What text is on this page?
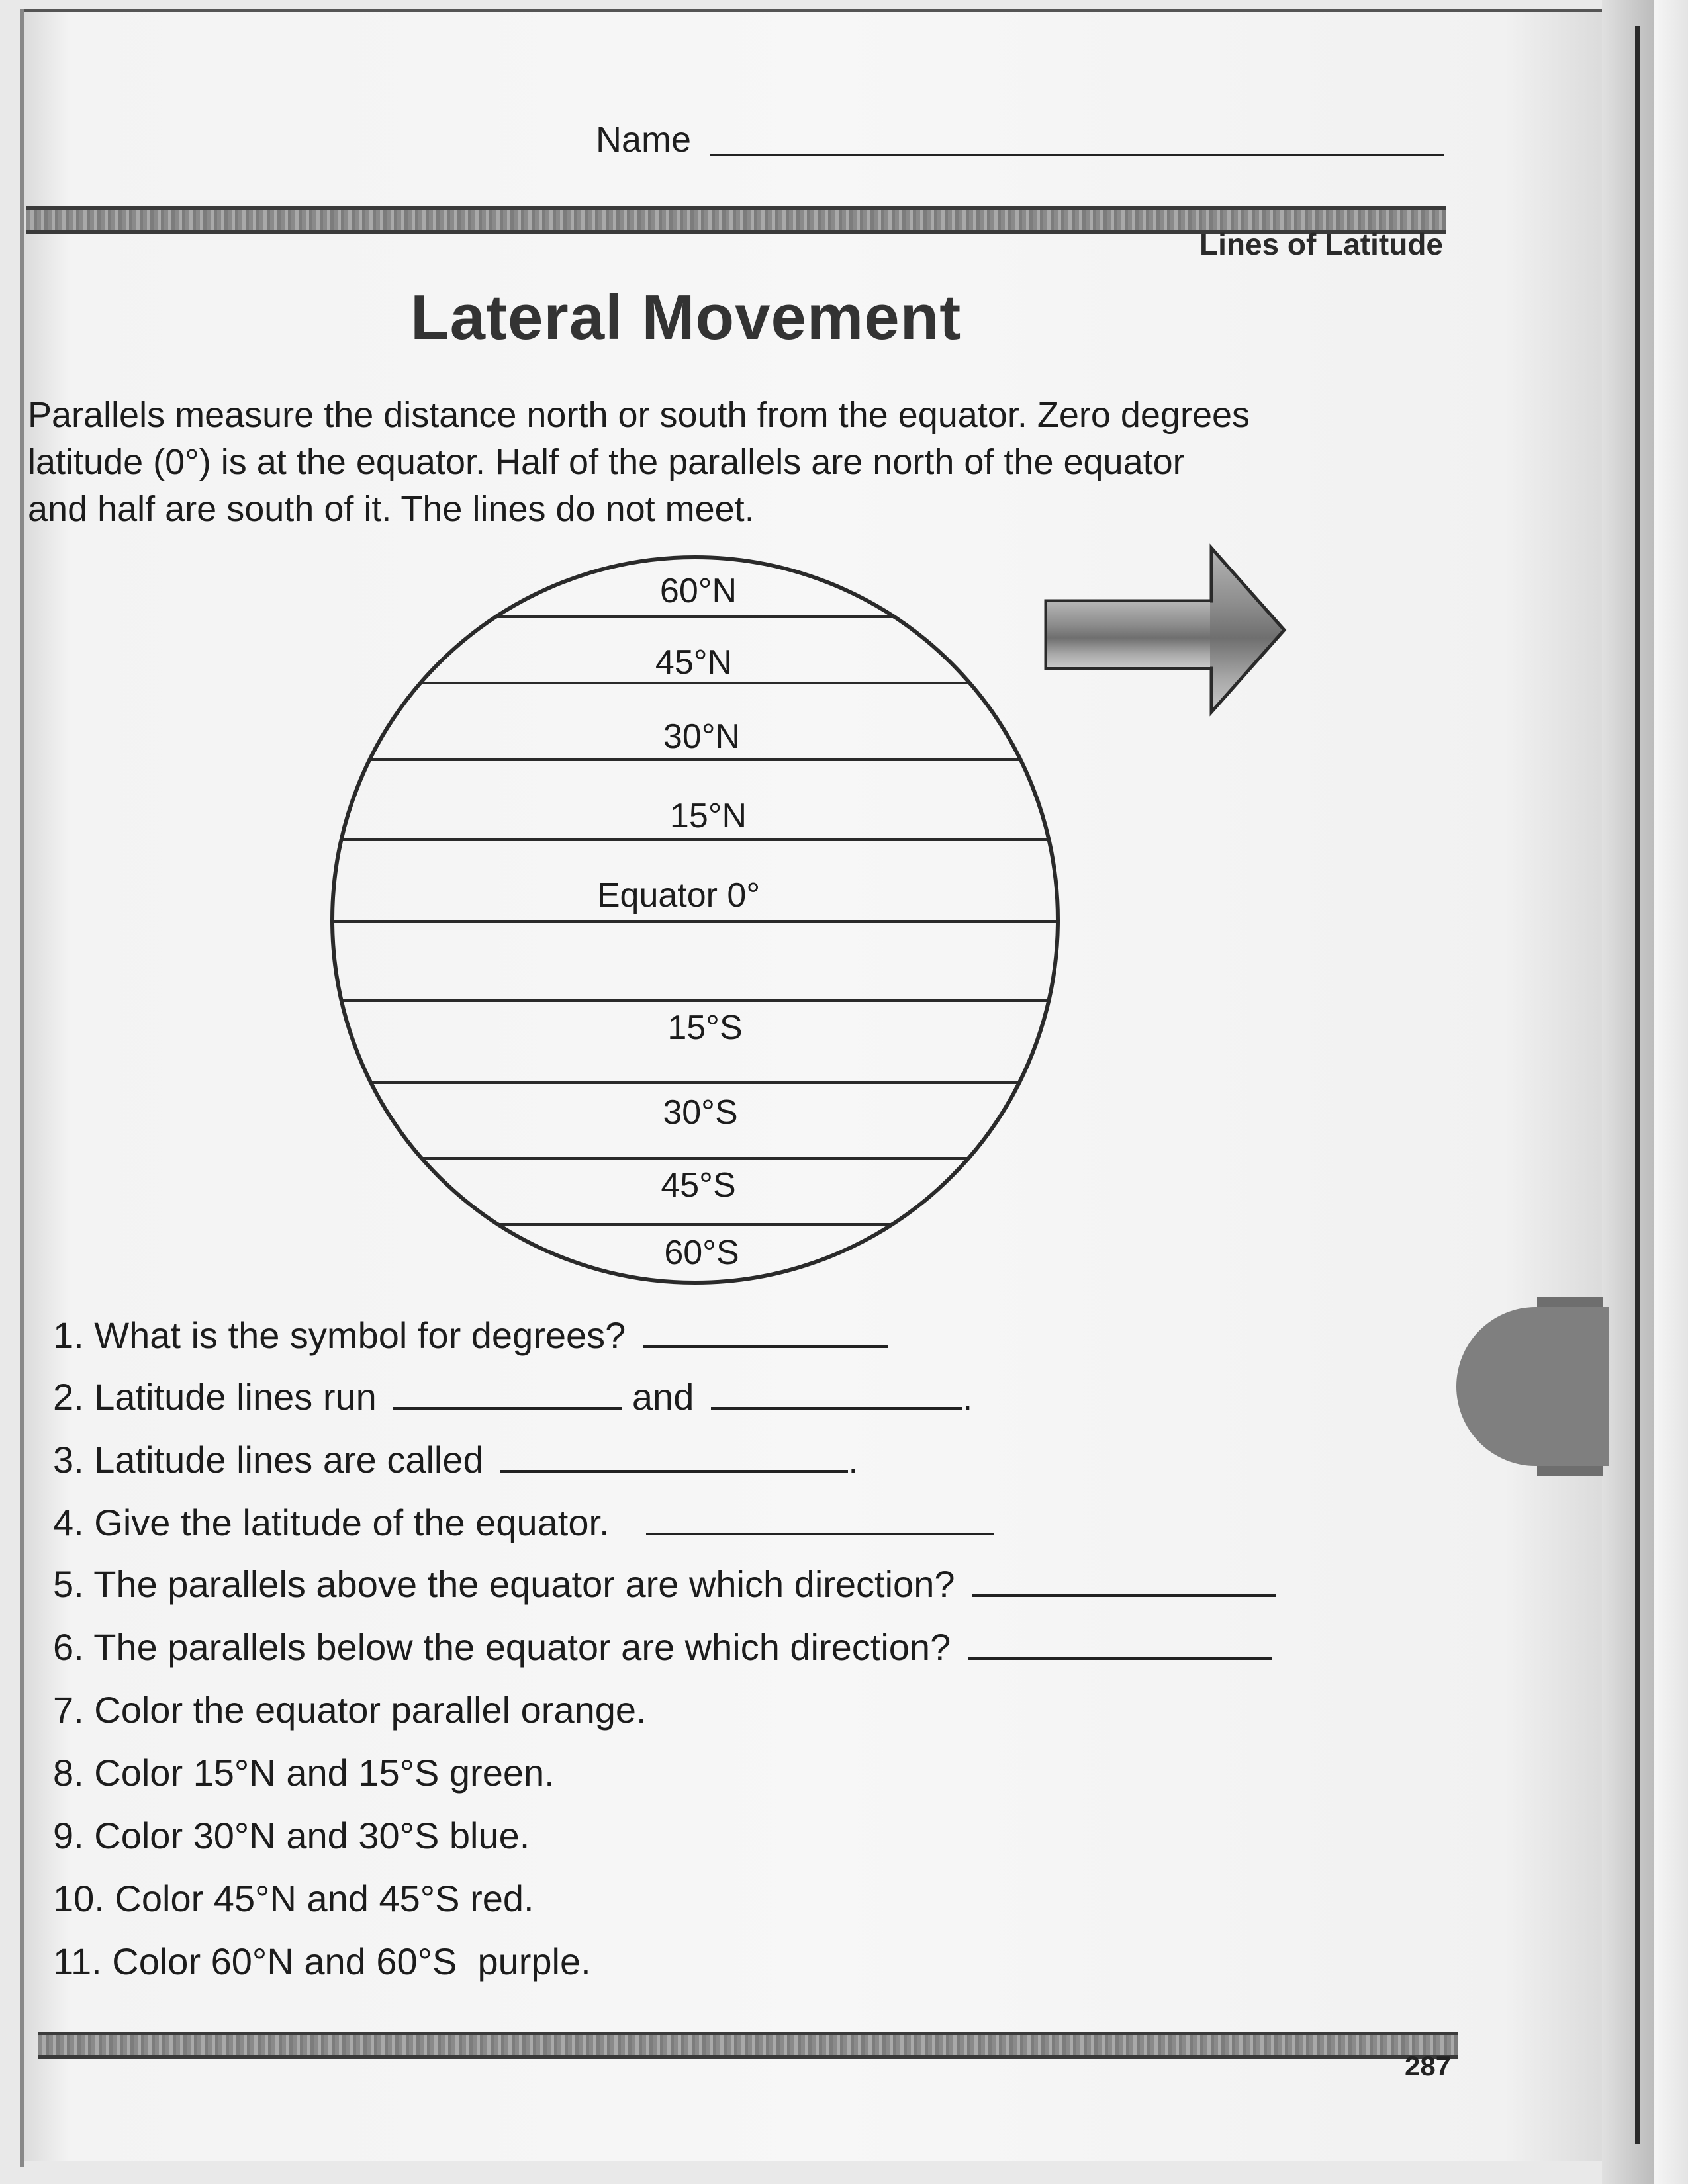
Name
Lines of Latitude
Lateral Movement
Parallels measure the distance north or south from the equator. Zero degrees
latitude (0°) is at the equator. Half of the parallels are north of the equator
and half are south of it. The lines do not meet.
60°N
45°N
30°N
15°N
Equator 0°
15°S
30°S
45°S
60°S
1. What is the symbol for degrees?
2. Latitude lines run	and	.
3. Latitude lines are called	.
4. Give the latitude of the equator.
5. The parallels above the equator are which direction?
6. The parallels below the equator are which direction?
7. Color the equator parallel orange.
8. Color 15°N and 15°S green.
9. Color 30°N and 30°S blue.
10. Color 45°N and 45°S red.
11. Color 60°N and 60°S  purple.
287
